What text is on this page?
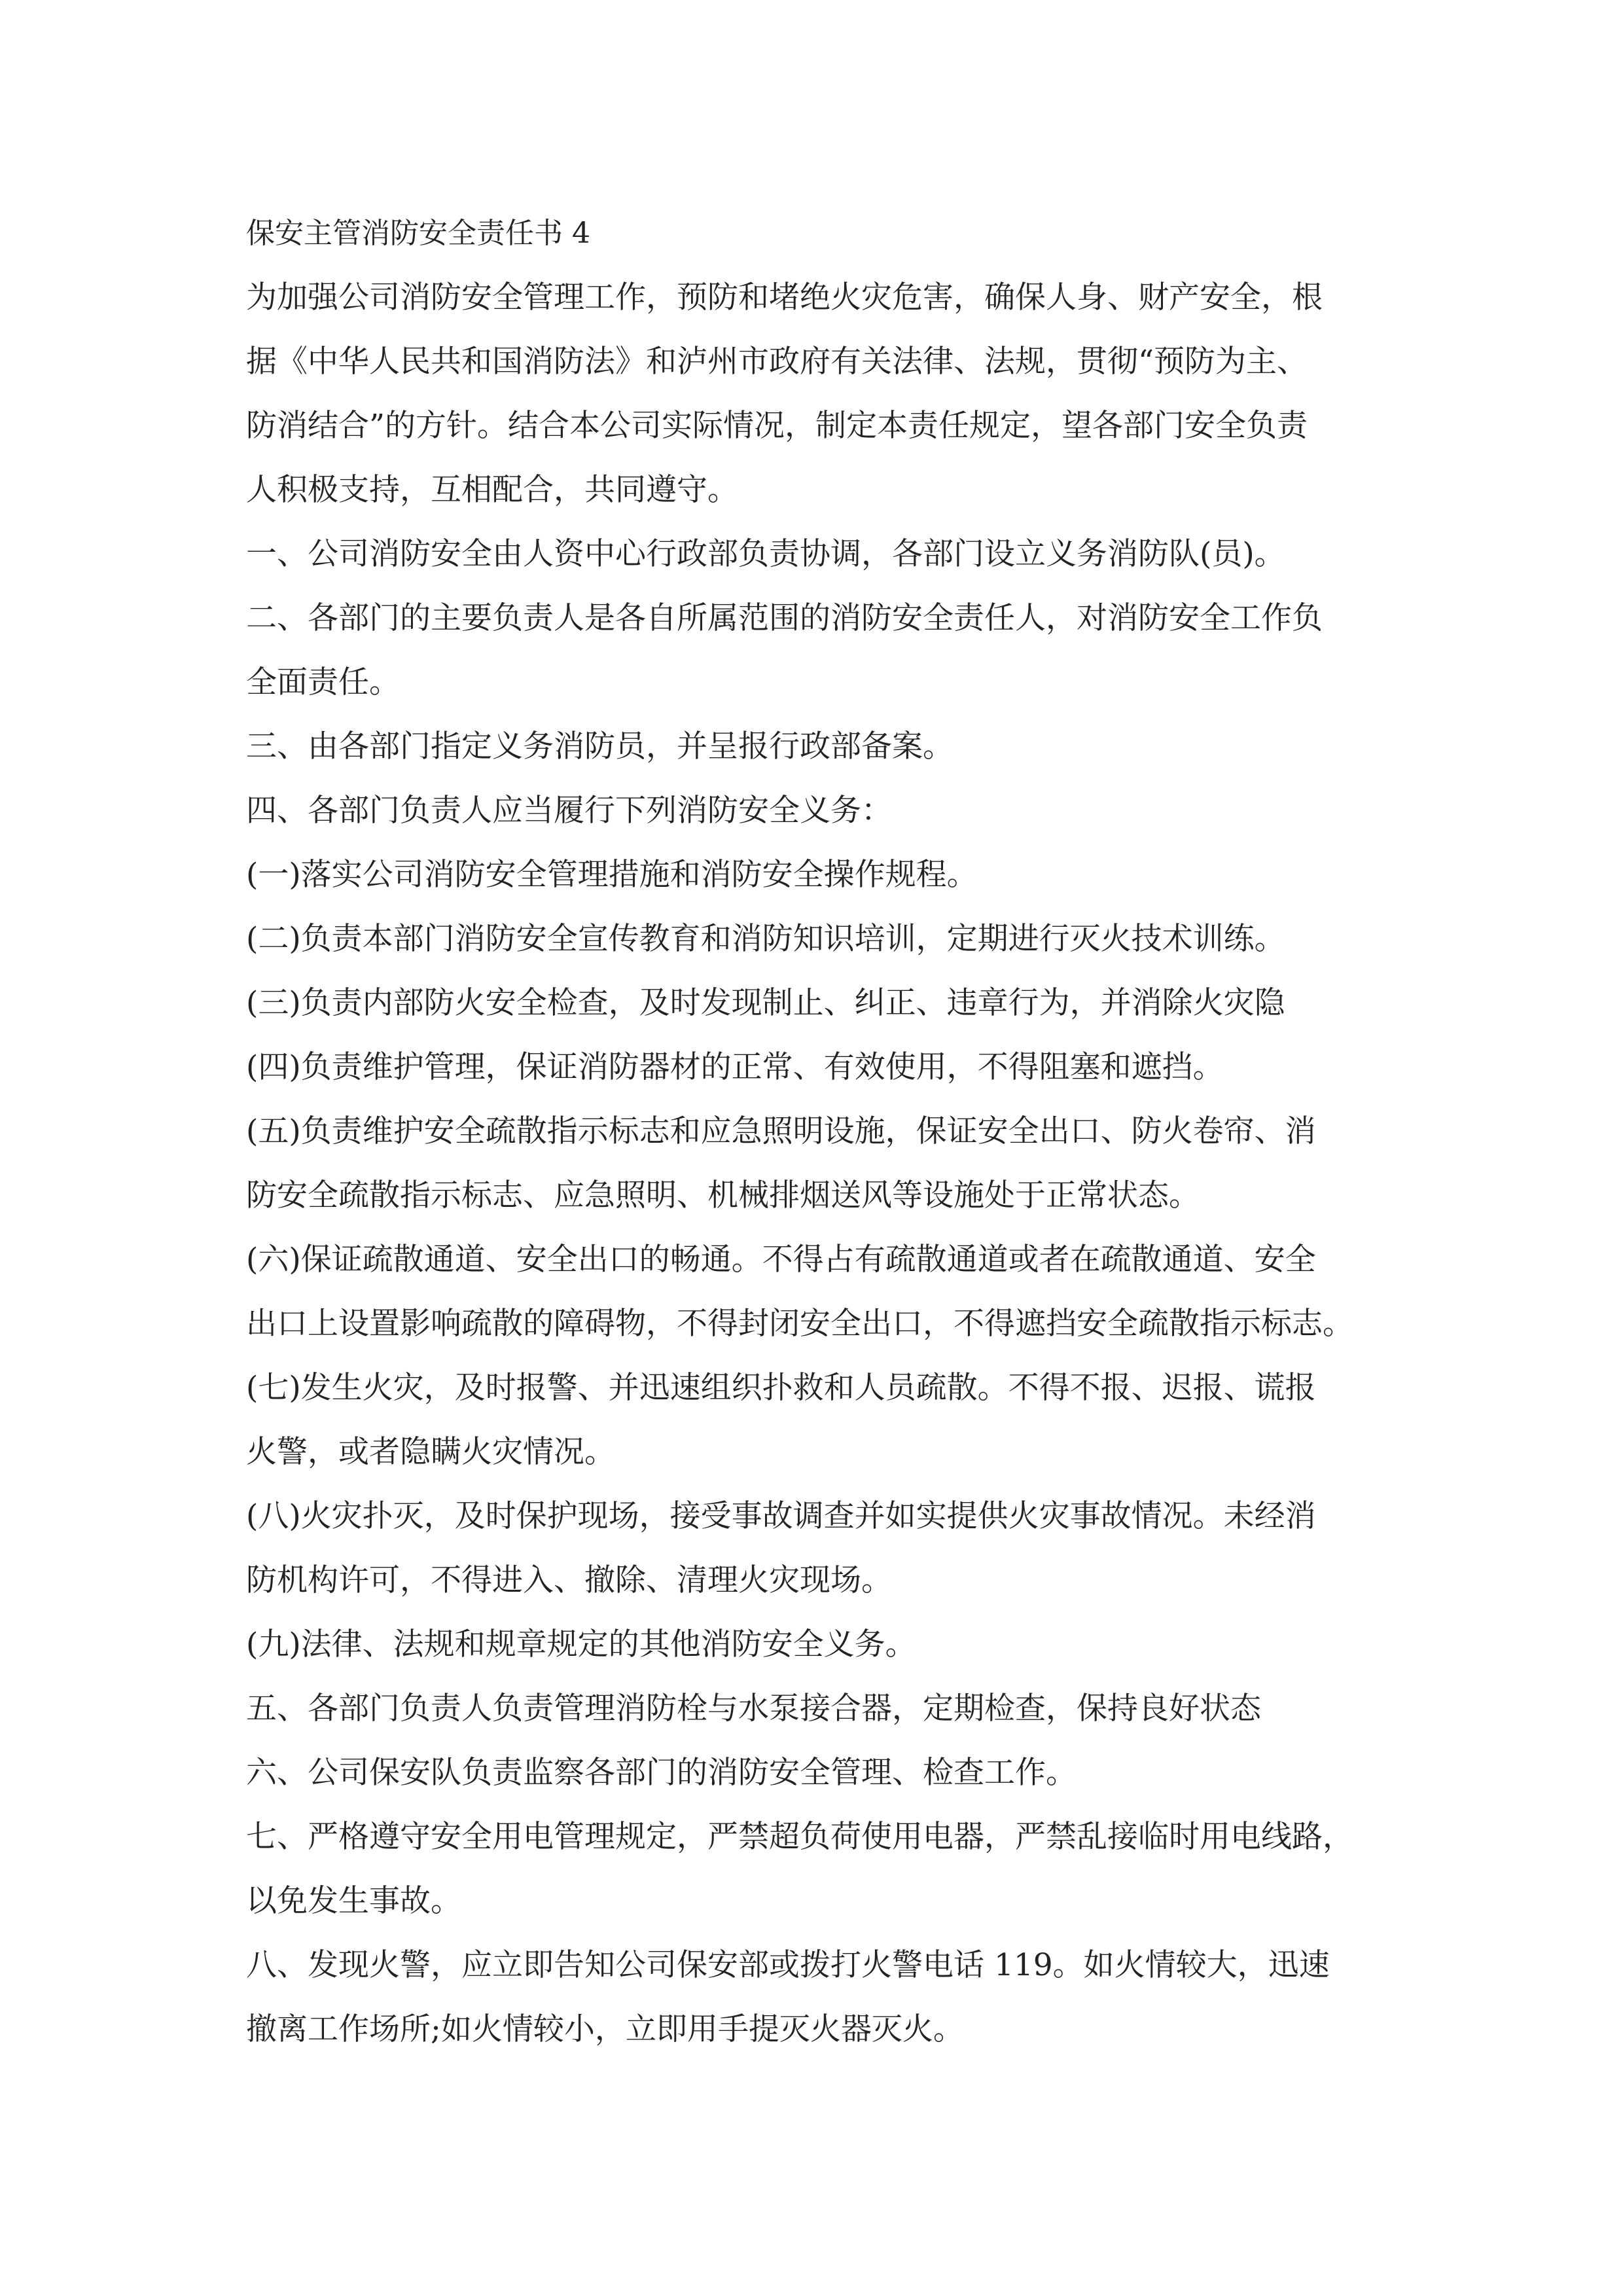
保安主管消防安全责任书 4
为加强公司消防安全管理工作，预防和堵绝火灾危害，确保人身、财产安全，根
据《中华人民共和国消防法》和泸州市政府有关法律、法规，贯彻“预防为主、
防消结合”的方针。结合本公司实际情况，制定本责任规定，望各部门安全负责
人积极支持，互相配合，共同遵守。
一、公司消防安全由人资中心行政部负责协调，各部门设立义务消防队(员)。
二、各部门的主要负责人是各自所属范围的消防安全责任人，对消防安全工作负
全面责任。
三、由各部门指定义务消防员，并呈报行政部备案。
四、各部门负责人应当履行下列消防安全义务：
(一)落实公司消防安全管理措施和消防安全操作规程。
(二)负责本部门消防安全宣传教育和消防知识培训，定期进行灭火技术训练。
(三)负责内部防火安全检查，及时发现制止、纠正、违章行为，并消除火灾隐
(四)负责维护管理，保证消防器材的正常、有效使用，不得阻塞和遮挡。
(五)负责维护安全疏散指示标志和应急照明设施，保证安全出口、防火卷帘、消
防安全疏散指示标志、应急照明、机械排烟送风等设施处于正常状态。
(六)保证疏散通道、安全出口的畅通。不得占有疏散通道或者在疏散通道、安全
出口上设置影响疏散的障碍物，不得封闭安全出口，不得遮挡安全疏散指示标志。
(七)发生火灾，及时报警、并迅速组织扑救和人员疏散。不得不报、迟报、谎报
火警，或者隐瞒火灾情况。
(八)火灾扑灭，及时保护现场，接受事故调查并如实提供火灾事故情况。未经消
防机构许可，不得进入、撤除、清理火灾现场。
(九)法律、法规和规章规定的其他消防安全义务。
五、各部门负责人负责管理消防栓与水泵接合器，定期检查，保持良好状态
六、公司保安队负责监察各部门的消防安全管理、检查工作。
七、严格遵守安全用电管理规定，严禁超负荷使用电器，严禁乱接临时用电线路，
以免发生事故。
八、发现火警，应立即告知公司保安部或拨打火警电话 119。如火情较大，迅速
撤离工作场所;如火情较小，立即用手提灭火器灭火。
